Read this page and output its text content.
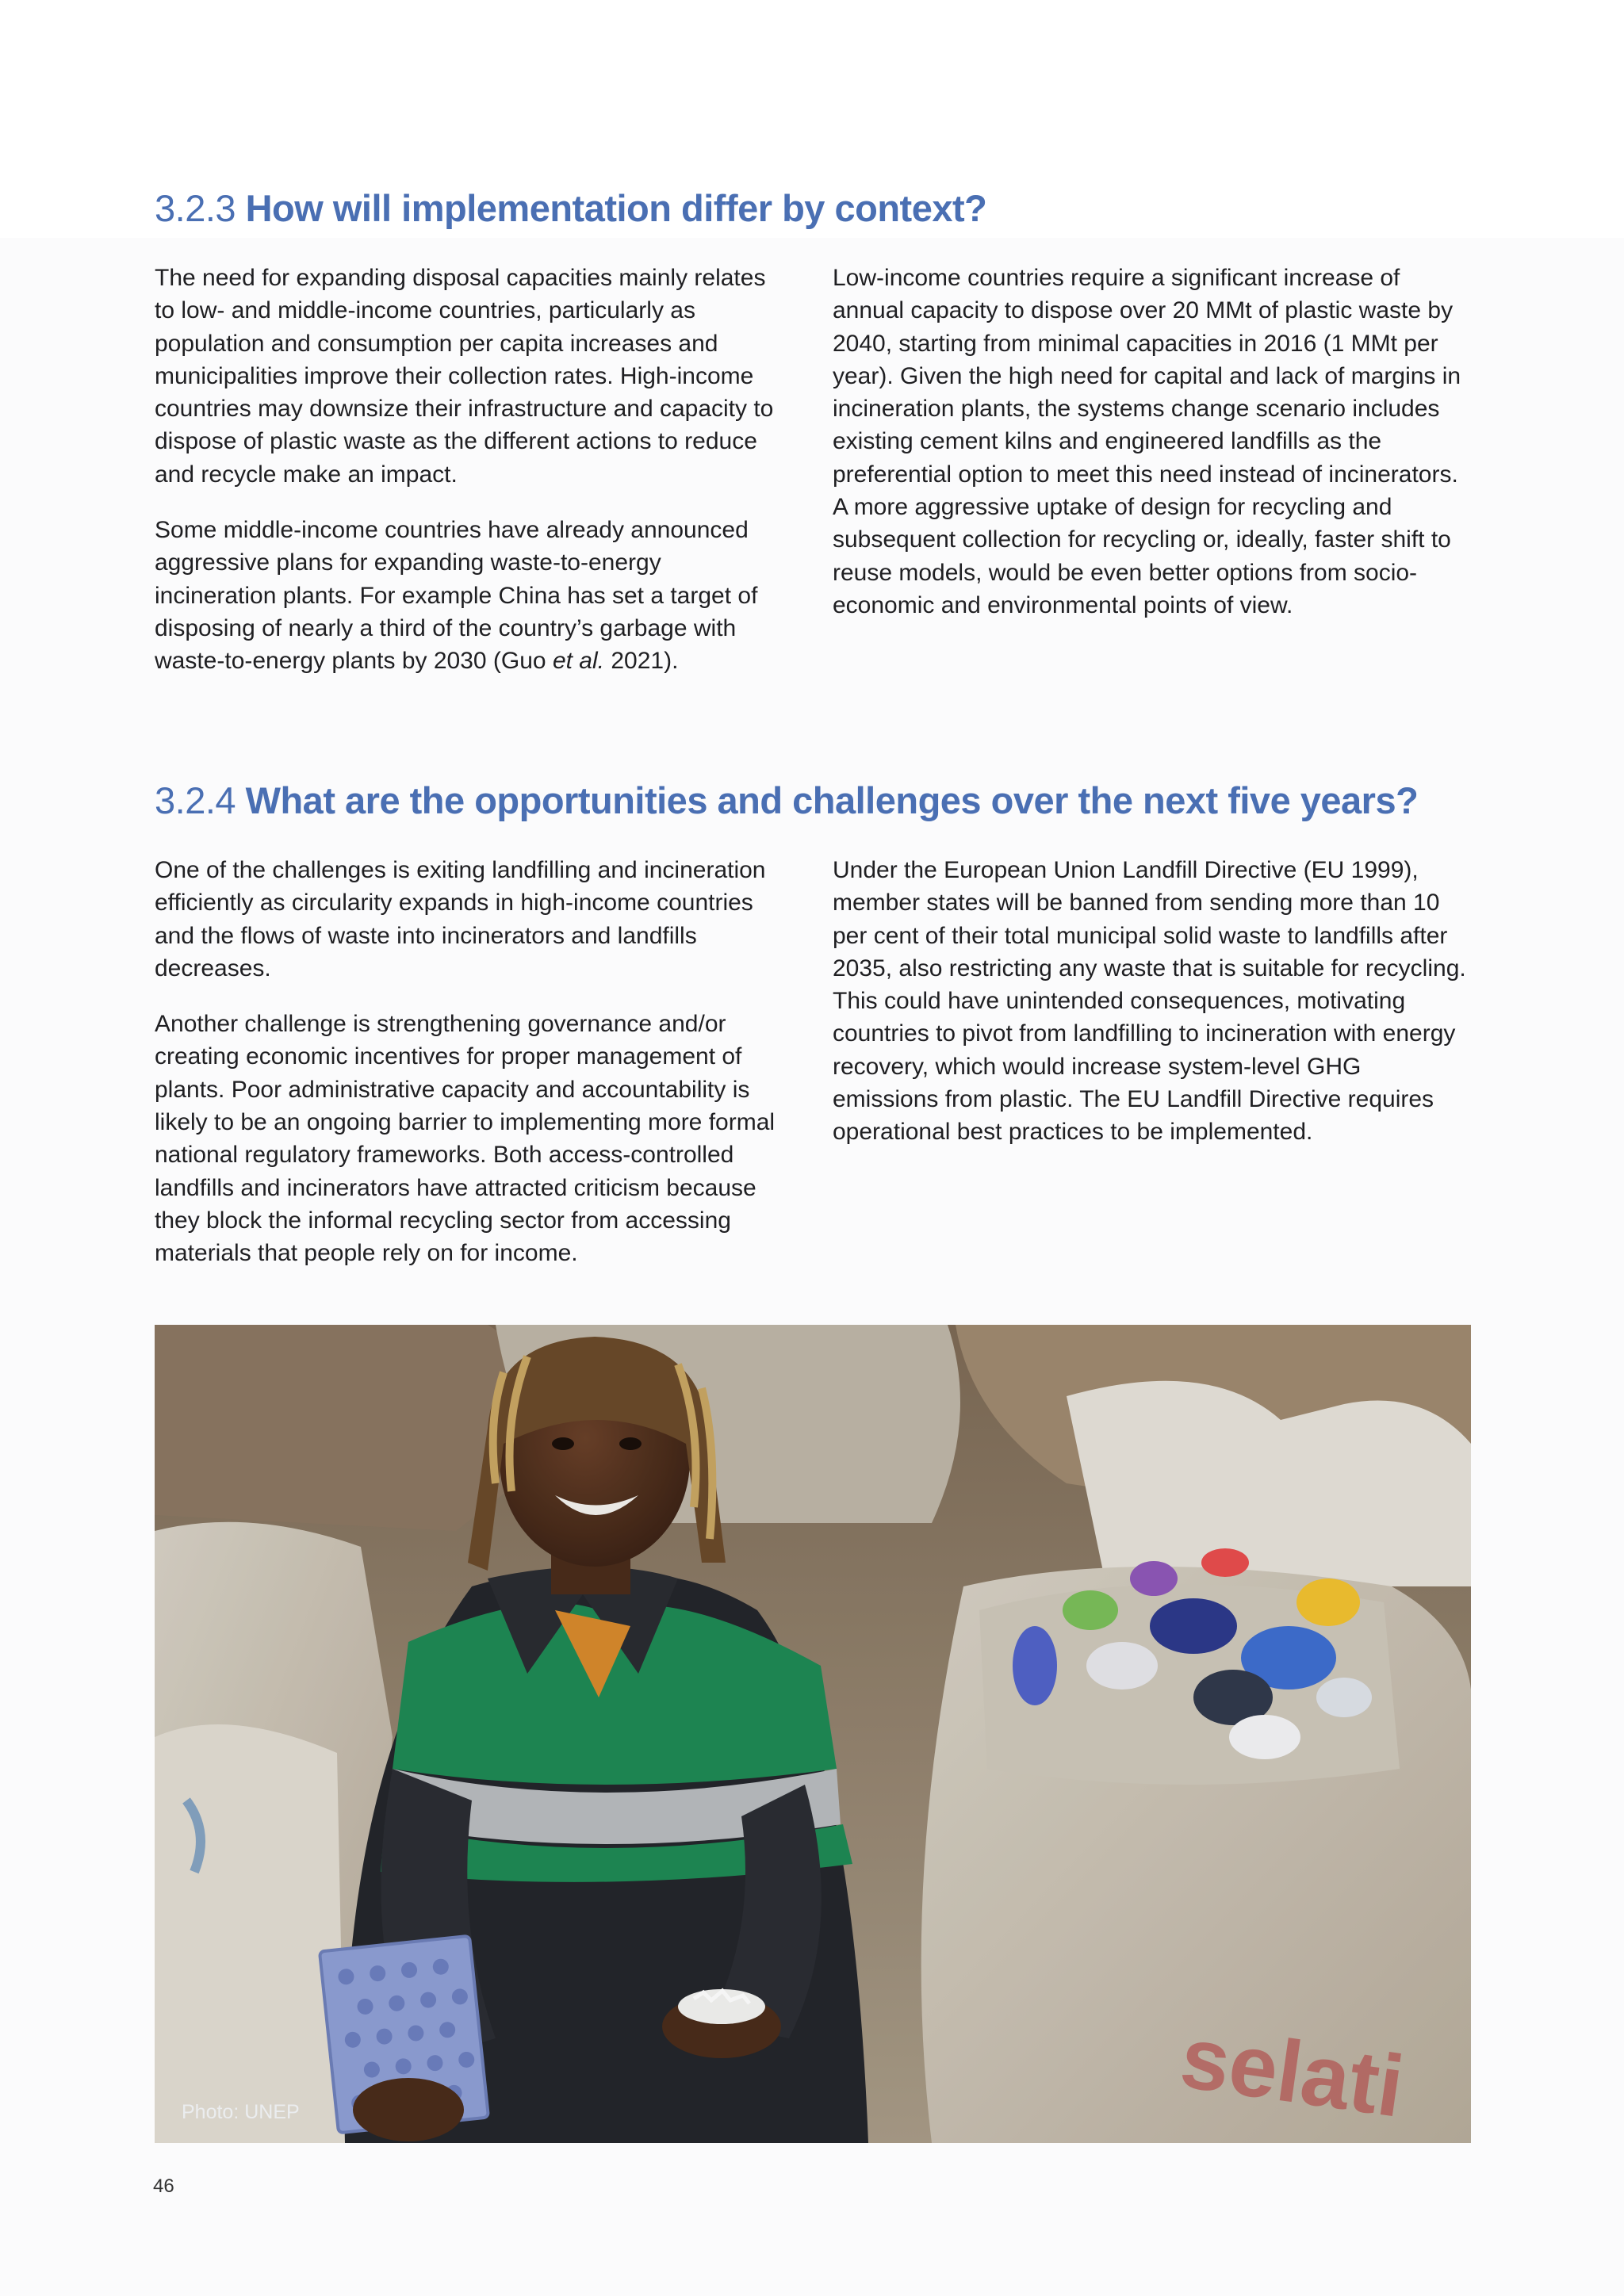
3.2.3 How will implementation differ by context?

The need for expanding disposal capacities mainly relates to low- and middle-income countries, particularly as population and consumption per capita increases and municipalities improve their collection rates. High-income countries may downsize their infrastructure and capacity to dispose of plastic waste as the different actions to reduce and recycle make an impact.

Some middle-income countries have already announced aggressive plans for expanding waste-to-energy incineration plants. For example China has set a target of disposing of nearly a third of the country’s garbage with waste-to-energy plants by 2030 (Guo et al. 2021).

Low-income countries require a significant increase of annual capacity to dispose over 20 MMt of plastic waste by 2040, starting from minimal capacities in 2016 (1 MMt per year). Given the high need for capital and lack of margins in incineration plants, the systems change scenario includes existing cement kilns and engineered landfills as the preferential option to meet this need instead of incinerators. A more aggressive uptake of design for recycling and subsequent collection for recycling or, ideally, faster shift to reuse models, would be even better options from socio-economic and environmental points of view.

3.2.4 What are the opportunities and challenges over the next five years?

One of the challenges is exiting landfilling and incineration efficiently as circularity expands in high-income countries and the flows of waste into incinerators and landfills decreases.

Another challenge is strengthening governance and/or creating economic incentives for proper management of plants. Poor administrative capacity and accountability is likely to be an ongoing barrier to implementing more formal national regulatory frameworks. Both access-controlled landfills and incinerators have attracted criticism because they block the informal recycling sector from accessing materials that people rely on for income.

Under the European Union Landfill Directive (EU 1999), member states will be banned from sending more than 10 per cent of their total municipal solid waste to landfills after 2035, also restricting any waste that is suitable for recycling. This could have unintended consequences, motivating countries to pivot from landfilling to incineration with energy recovery, which would increase system-level GHG emissions from plastic. The EU Landfill Directive requires operational best practices to be implemented.

selati
Photo: UNEP
46
